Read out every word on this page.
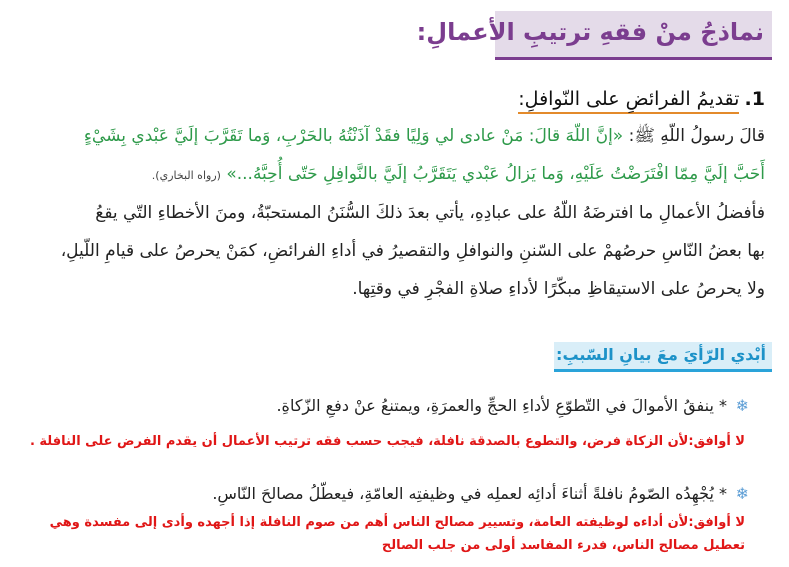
نماذجُ منْ فقهِ ترتيبِ الأعمالِ:
1. تقديمُ الفرائضِ على النّوافلِ:
قالَ رسولُ اللّهِ ﷺ: «إنَّ اللّهَ قالَ: مَنْ عادى لي وَلِيًا فقَدْ آذَنْتُهُ بالحَرْبِ، وَما تَقَرَّبَ إلَيَّ عَبْدي بِشَيْءٍ
أَحَبَّ إلَيَّ مِمّا افْتَرَضْتُ عَلَيْهِ، وَما يَزالُ عَبْدي يَتَقَرَّبُ إلَيَّ بالنَّوافِلِ حَتّى أُحِبَّهُ...» (رواه البخاري).
فأفضلُ الأعمالِ ما افترضَهُ اللّهُ على عبادِهِ، يأتي بعدَ ذلكَ السُّنَنُ المستحبّةُ، ومنَ الأخطاءِ التّي يقعُ
بها بعضُ النّاسِ حرصُهمْ على السّننِ والنوافلِ والتقصيرُ في أداءِ الفرائضِ، كمَنْ يحرصُ على قيامِ اللّيلِ،
ولا يحرصُ على الاستيقاظِ مبكّرًا لأداءِ صلاةِ الفجْرِ في وقتِها.
أبْدي الرّأيَ معَ بيانِ السّببِ:
❄
* ينفقُ الأموالَ في التّطوّعِ لأداءِ الحجِّ والعمرَةِ، ويمتنعُ عنْ دفعِ الزّكاةِ.
لا أوافق:لأن الزكاة فرض، والتطوع بالصدقة نافلة، فيجب حسب فقه ترتيب الأعمال أن يقدم الفرض على النافلة .
❄
* يُجْهِدُه الصّومُ نافلةً أثناءَ أدائِه لعملِه في وظيفتِه العامّةِ، فيعطّلُ مصالحَ النّاسِ.
لا أوافق:لأن أداءه لوظيفته العامة، وتسيير مصالح الناس أهم من صوم النافلة إذا أجهده وأدى إلى مفسدة وهي
تعطيل مصالح الناس، فدرء المفاسد أولى من جلب الصالح
